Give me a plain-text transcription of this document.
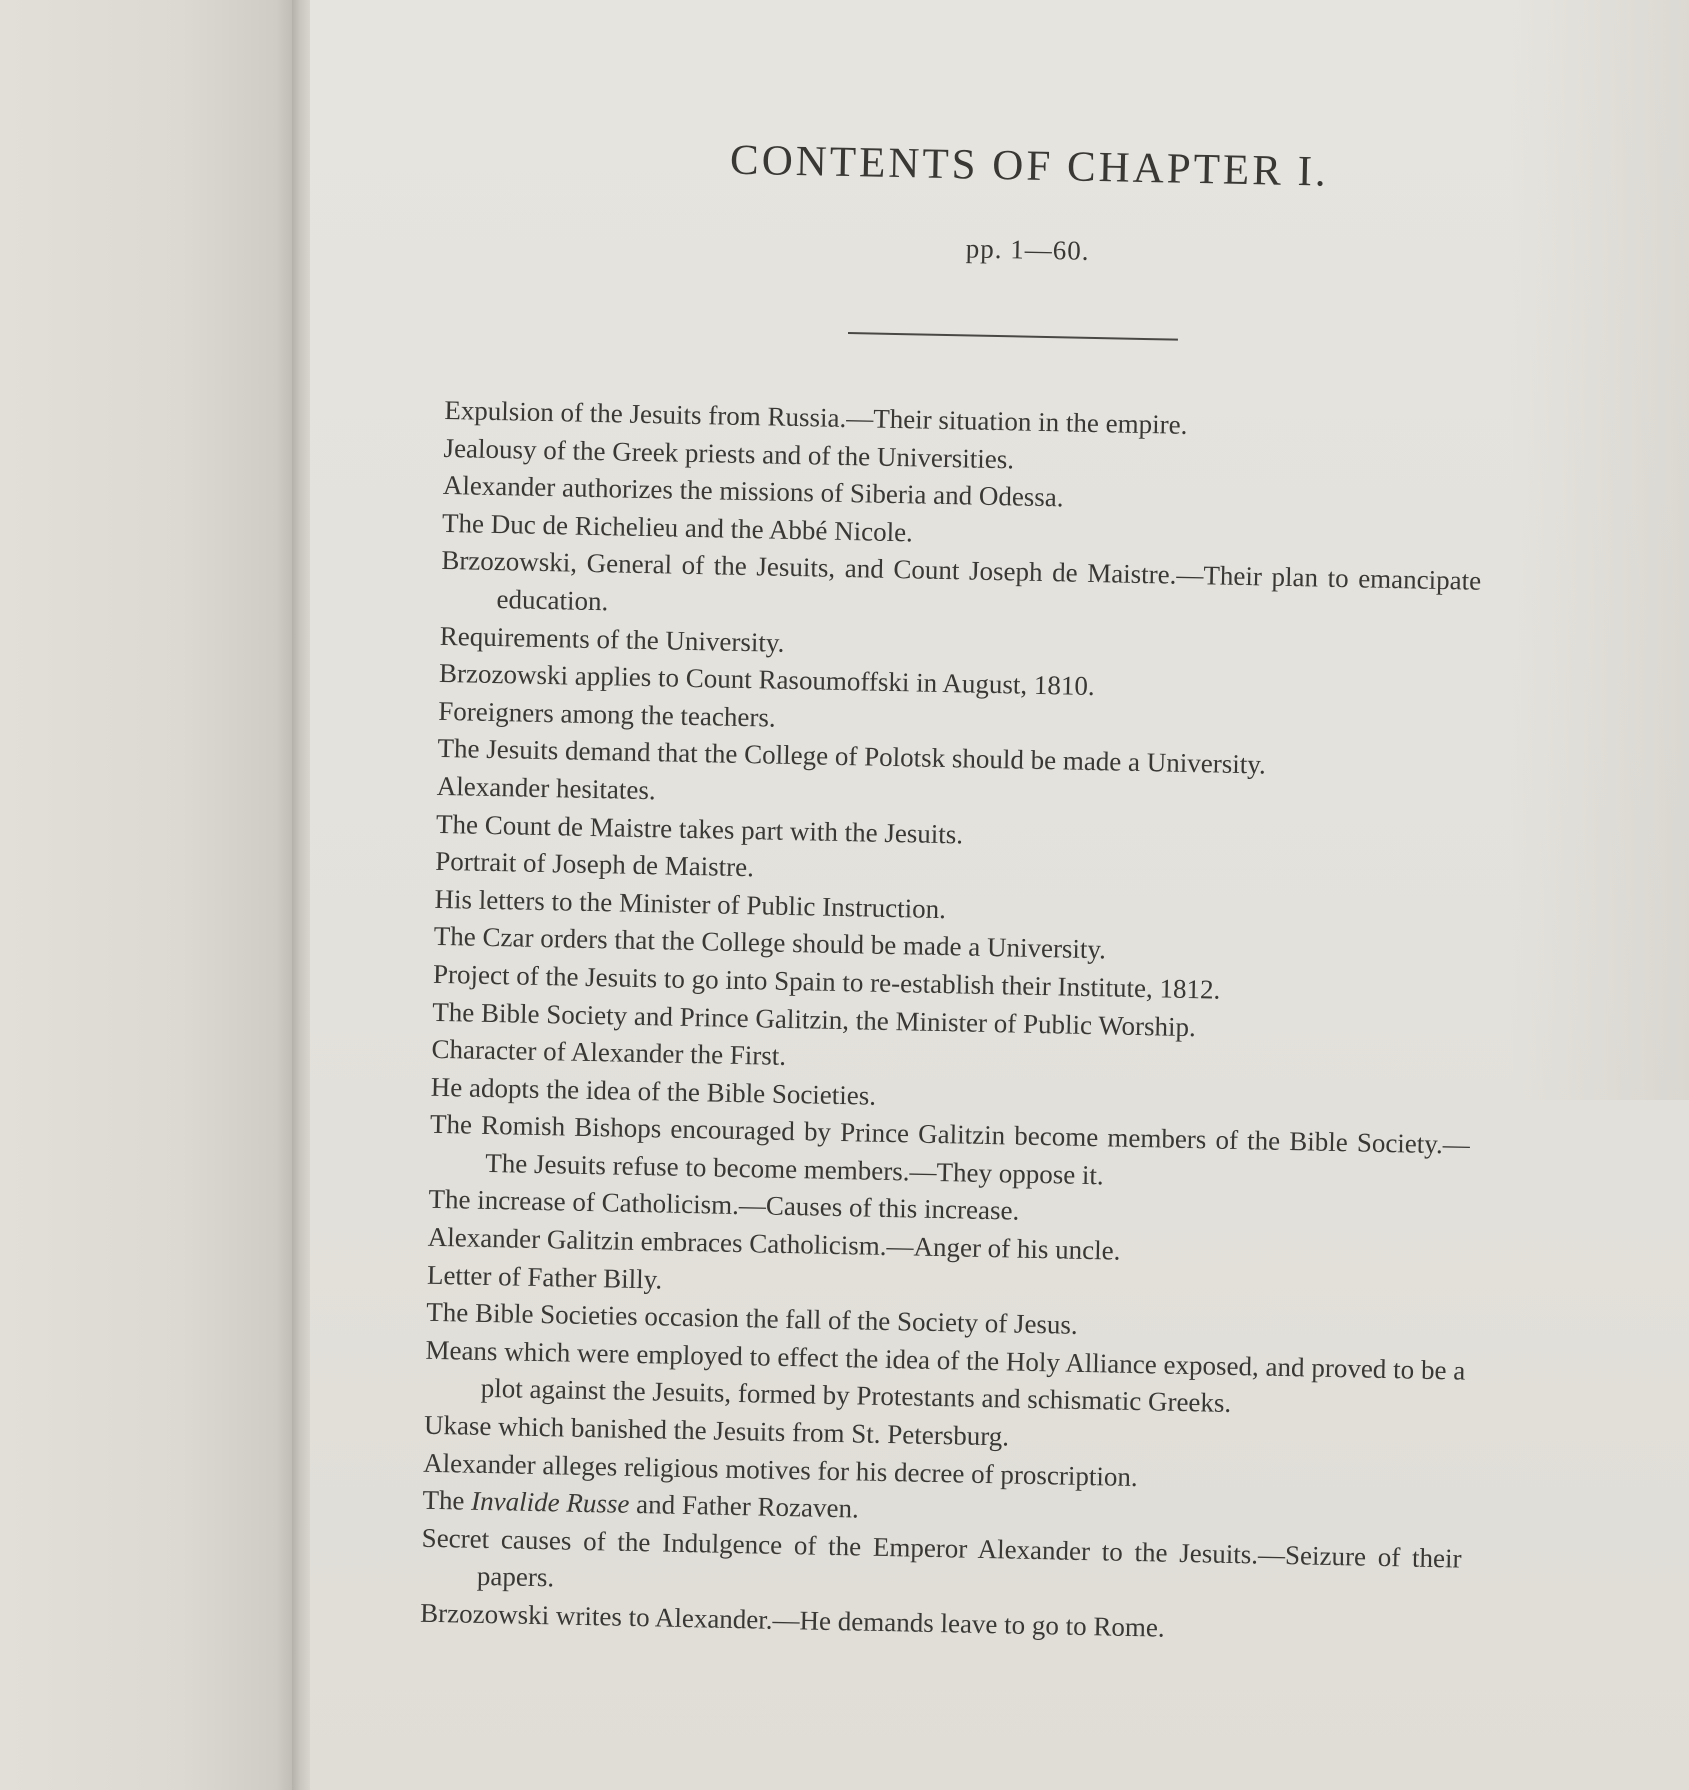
CONTENTS OF CHAPTER I.
pp. 1—60.
Expulsion of the Jesuits from Russia.—Their situation in the empire.
Jealousy of the Greek priests and of the Universities.
Alexander authorizes the missions of Siberia and Odessa.
The Duc de Richelieu and the Abbé Nicole.
Brzozowski, General of the Jesuits, and Count Joseph de Maistre.—Their plan to emancipate education.
Requirements of the University.
Brzozowski applies to Count Rasoumoffski in August, 1810.
Foreigners among the teachers.
The Jesuits demand that the College of Polotsk should be made a University.
Alexander hesitates.
The Count de Maistre takes part with the Jesuits.
Portrait of Joseph de Maistre.
His letters to the Minister of Public Instruction.
The Czar orders that the College should be made a University.
Project of the Jesuits to go into Spain to re-establish their Institute, 1812.
The Bible Society and Prince Galitzin, the Minister of Public Worship.
Character of Alexander the First.
He adopts the idea of the Bible Societies.
The Romish Bishops encouraged by Prince Galitzin become members of the Bible Society.—The Jesuits refuse to become members.—They oppose it.
The increase of Catholicism.—Causes of this increase.
Alexander Galitzin embraces Catholicism.—Anger of his uncle.
Letter of Father Billy.
The Bible Societies occasion the fall of the Society of Jesus.
Means which were employed to effect the idea of the Holy Alliance exposed, and proved to be a plot against the Jesuits, formed by Protestants and schismatic Greeks.
Ukase which banished the Jesuits from St. Petersburg.
Alexander alleges religious motives for his decree of proscription.
The Invalide Russe and Father Rozaven.
Secret causes of the Indulgence of the Emperor Alexander to the Jesuits.—Seizure of their papers.
Brzozowski writes to Alexander.—He demands leave to go to Rome.
